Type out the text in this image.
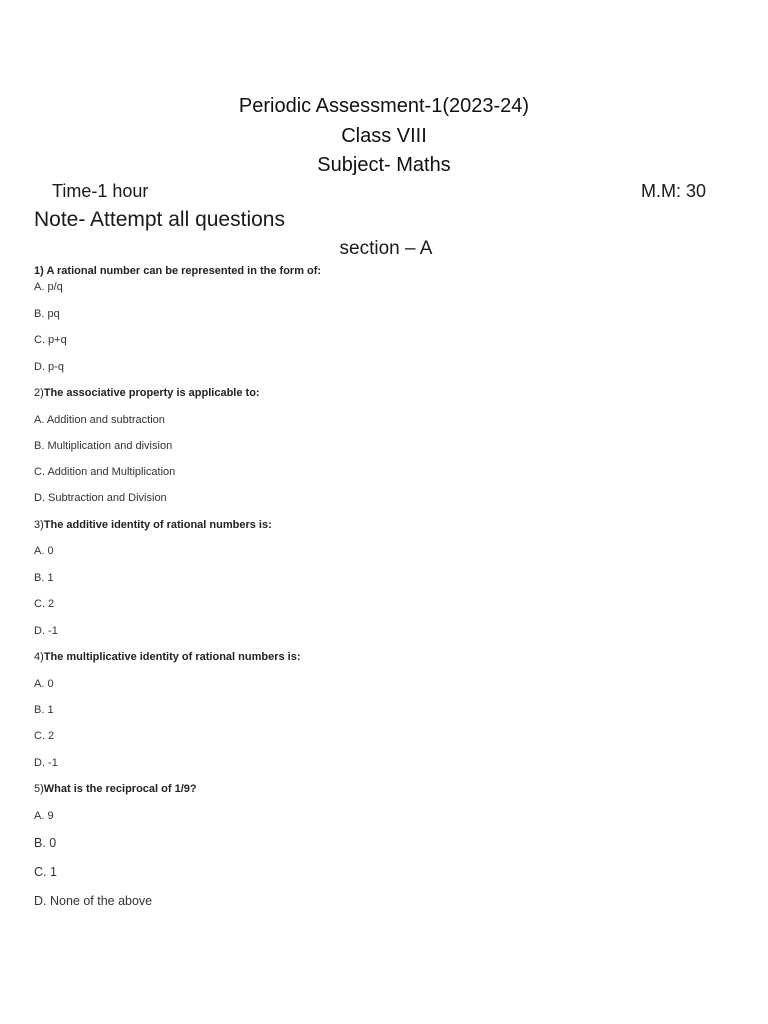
Periodic Assessment-1(2023-24)
Class VIII
Subject- Maths
Time-1 hour	M.M: 30
Note- Attempt all questions
section – A
1) A rational number can be represented in the form of:
A. p/q
B. pq
C. p+q
D. p-q
2)The associative property is applicable to:
A. Addition and subtraction
B. Multiplication and division
C. Addition and Multiplication
D. Subtraction and Division
3)The additive identity of rational numbers is:
A. 0
B. 1
C. 2
D. -1
4)The multiplicative identity of rational numbers is:
A. 0
B. 1
C. 2
D. -1
5)What is the reciprocal of 1/9?
A. 9
B. 0
C. 1
D. None of the above
